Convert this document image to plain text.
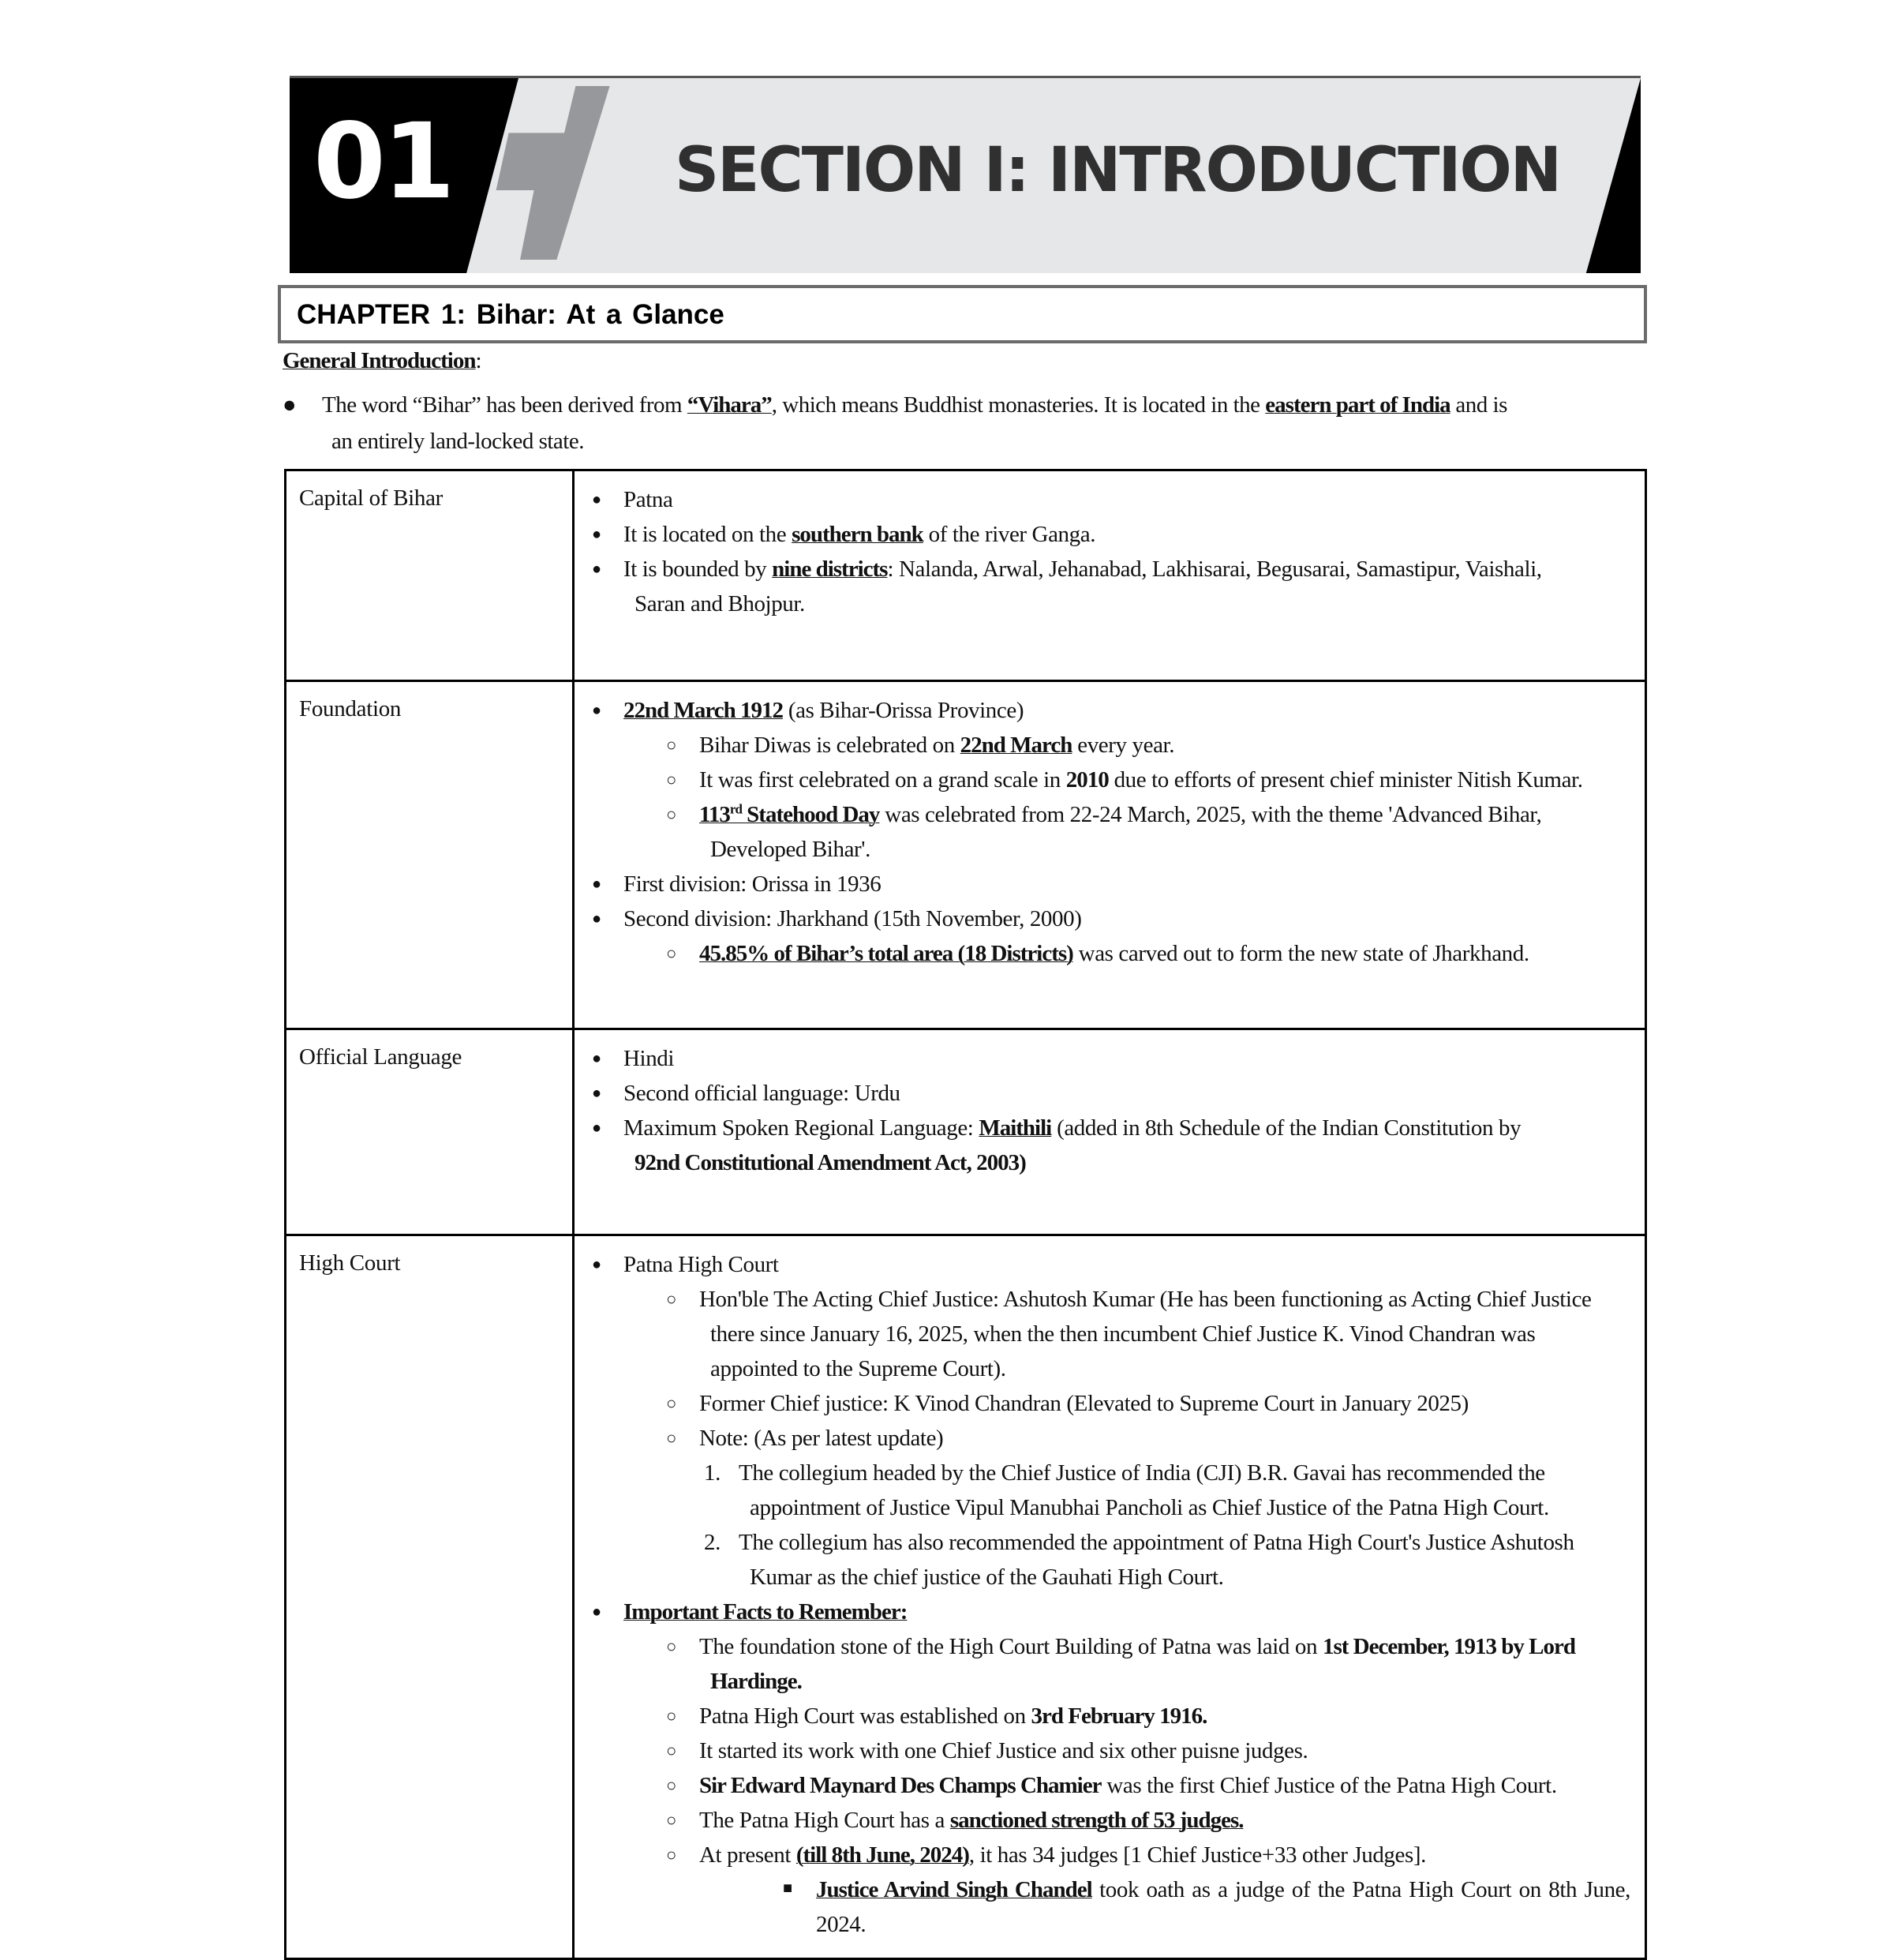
01	SECTION I: INTRODUCTION
CHAPTER 1: Bihar: At a Glance
General Introduction:
●	The word “Bihar” has been derived from “Vihara”, which means Buddhist monasteries. It is located in the eastern part of India and is
an entirely land-locked state.
Capital of Bihar	
●Patna
● It is located on the southern bank of the river Ganga.
● It is bounded by nine districts: Nalanda, Arwal, Jehanabad, Lakhisarai, Begusarai, Samastipur, Vaishali,
Saran and Bhojpur.

Foundation	
●22nd March 1912 (as Bihar-Orissa Province)
○ Bihar Diwas is celebrated on 22nd March every year.
○ It was first celebrated on a grand scale in 2010 due to efforts of present chief minister Nitish Kumar.
○ 113rd Statehood Day was celebrated from 22-24 March, 2025, with the theme 'Advanced Bihar,
Developed Bihar'.
● First division: Orissa in 1936
● Second division: Jharkhand (15th November, 2000)
○ 45.85% of Bihar’s total area (18 Districts) was carved out to form the new state of Jharkhand.

Official Language	
●Hindi
● Second official language: Urdu
● Maximum Spoken Regional Language: Maithili (added in 8th Schedule of the Indian Constitution by
92nd Constitutional Amendment Act, 2003)

High Court	
●Patna High Court
○ Hon'ble The Acting Chief Justice: Ashutosh Kumar (He has been functioning as Acting Chief Justice
there since January 16, 2025, when the then incumbent Chief Justice K. Vinod Chandran was
appointed to the Supreme Court).
○ Former Chief justice: K Vinod Chandran (Elevated to Supreme Court in January 2025)
○ Note: (As per latest update)
1. The collegium headed by the Chief Justice of India (CJI) B.R. Gavai has recommended the
appointment of Justice Vipul Manubhai Pancholi as Chief Justice of the Patna High Court.
2. The collegium has also recommended the appointment of Patna High Court's Justice Ashutosh
Kumar as the chief justice of the Gauhati High Court.
● Important Facts to Remember:
○ The foundation stone of the High Court Building of Patna was laid on 1st December, 1913 by Lord
Hardinge.
○ Patna High Court was established on 3rd February 1916.
○ It started its work with one Chief Justice and six other puisne judges.
○ Sir Edward Maynard Des Champs Chamier was the first Chief Justice of the Patna High Court.
○ The Patna High Court has a sanctioned strength of 53 judges.
○ At present (till 8th June, 2024), it has 34 judges [1 Chief Justice+33 other Judges].
■ Justice Arvind Singh Chandel took oath as a judge of the Patna High Court on 8th June, 2024.
